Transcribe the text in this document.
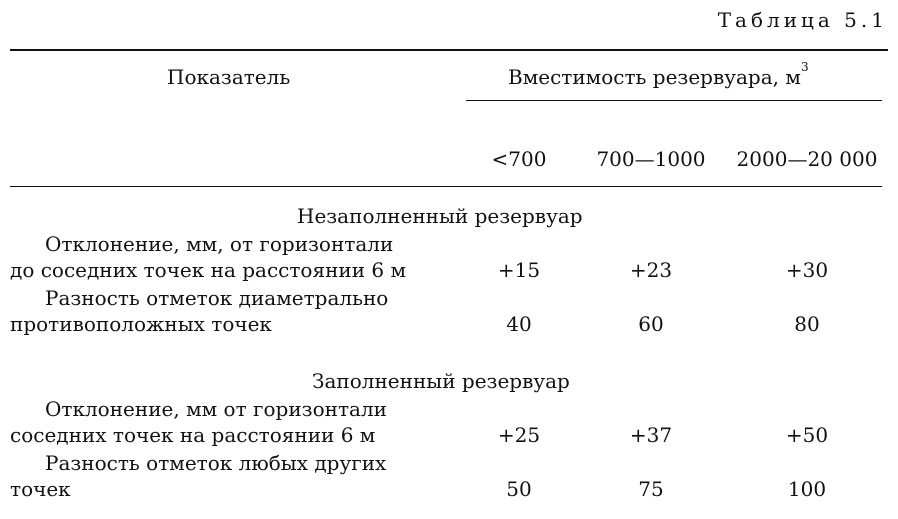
Таблица 5.1
Показатель	Вместимость резервуара, $м^3$
<700 700—1000 2000—20 000
Незаполненный резервуар
Отклонение, мм, от горизонтали
до соседних точек на расстоянии 6 м	+15	+23	+30
Разность отметок диаметрально
противоположных точек	40	60	80
Заполненный резервуар
Отклонение, мм от горизонтали
соседних точек на расстоянии 6 м	+25	+37	+50
Разность отметок любых других
точек	50	75	100
